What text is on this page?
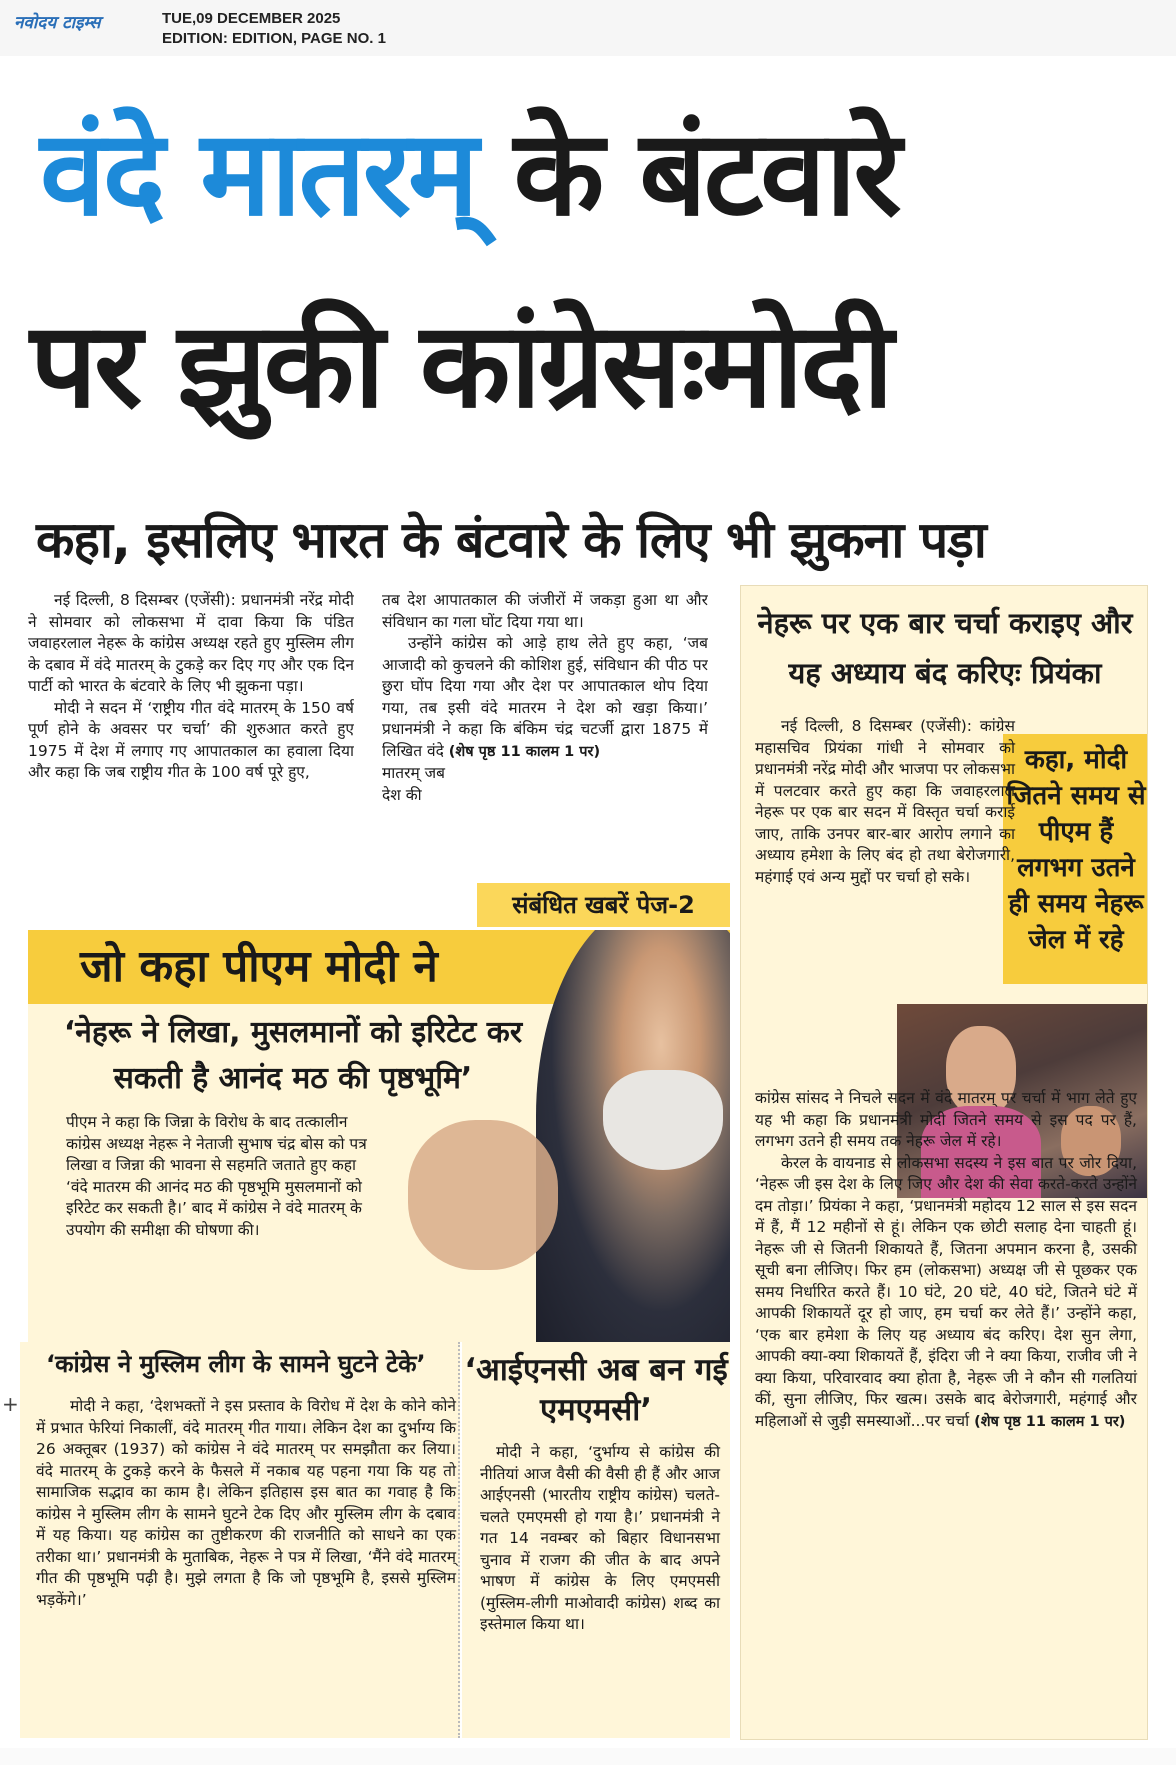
नवोदय टाइम्स	TUE,09 DECEMBER 2025
EDITION: EDITION, PAGE NO. 1
वंदे मातरम् के बंटवारे
पर झुकी कांग्रेसःमोदी
कहा, इसलिए भारत के बंटवारे के लिए भी झुकना पड़ा

नई दिल्ली, 8 दिसम्बर (एजेंसी): प्रधानमंत्री नरेंद्र मोदी ने सोमवार को लोकसभा में दावा किया कि पंडित जवाहरलाल नेहरू के कांग्रेस अध्यक्ष रहते हुए मुस्लिम लीग के दबाव में वंदे मातरम् के टुकड़े कर दिए गए और एक दिन पार्टी को भारत के बंटवारे के लिए भी झुकना पड़ा।

मोदी ने सदन में ‘राष्ट्रीय गीत वंदे मातरम् के 150 वर्ष पूर्ण होने के अवसर पर चर्चा’ की शुरुआत करते हुए 1975 में देश में लगाए गए आपातकाल का हवाला दिया और कहा कि जब राष्ट्रीय गीत के 100 वर्ष पूरे हुए,

तब देश आपातकाल की जंजीरों में जकड़ा हुआ था और संविधान का गला घोंट दिया गया था।

उन्होंने कांग्रेस को आड़े हाथ लेते हुए कहा, ‘जब आजादी को कुचलने की कोशिश हुई, संविधान की पीठ पर छुरा घोंप दिया गया और देश पर आपातकाल थोप दिया गया, तब इसी वंदे मातरम ने देश को खड़ा किया।’ प्रधानमंत्री ने कहा कि बंकिम चंद्र चटर्जी द्वारा 1875 में लिखित वंदे (शेष पृष्ठ 11 कालम 1 पर)

मातरम् जब देश की

संबंधित खबरें पेज-2
जो कहा पीएम मोदी ने
‘नेहरू ने लिखा, मुसलमानों को इरिटेट कर सकती है आनंद मठ की पृष्ठभूमि’
पीएम ने कहा कि जिन्ना के विरोध के बाद तत्कालीन कांग्रेस अध्यक्ष नेहरू ने नेताजी सुभाष चंद्र बोस को पत्र लिखा व जिन्ना की भावना से सहमति जताते हुए कहा ‘वंदे मातरम की आनंद मठ की पृष्ठभूमि मुसलमानों को इरिटेट कर सकती है।’ बाद में कांग्रेस ने वंदे मातरम् के उपयोग की समीक्षा की घोषणा की।
‘कांग्रेस ने मुस्लिम लीग के सामने घुटने टेके’

मोदी ने कहा, ‘देशभक्तों ने इस प्रस्ताव के विरोध में देश के कोने कोने में प्रभात फेरियां निकालीं, वंदे मातरम् गीत गाया। लेकिन देश का दुर्भाग्य कि 26 अक्तूबर (1937) को कांग्रेस ने वंदे मातरम् पर समझौता कर लिया। वंदे मातरम् के टुकड़े करने के फैसले में नकाब यह पहना गया कि यह तो सामाजिक सद्भाव का काम है। लेकिन इतिहास इस बात का गवाह है कि कांग्रेस ने मुस्लिम लीग के सामने घुटने टेक दिए और मुस्लिम लीग के दबाव में यह किया। यह कांग्रेस का तुष्टीकरण की राजनीति को साधने का एक तरीका था।’ प्रधानमंत्री के मुताबिक, नेहरू ने पत्र में लिखा, ‘मैंने वंदे मातरम् गीत की पृष्ठभूमि पढ़ी है। मुझे लगता है कि जो पृष्ठभूमि है, इससे मुस्लिम भड़केंगे।’

‘आईएनसी अब बन गई एमएमसी’

मोदी ने कहा, ‘दुर्भाग्य से कांग्रेस की नीतियां आज वैसी की वैसी ही हैं और आज आईएनसी (भारतीय राष्ट्रीय कांग्रेस) चलते-चलते एमएमसी हो गया है।’ प्रधानमंत्री ने गत 14 नवम्बर को बिहार विधानसभा चुनाव में राजग की जीत के बाद अपने भाषण में कांग्रेस के लिए एमएमसी (मुस्लिम-लीगी माओवादी कांग्रेस) शब्द का इस्तेमाल किया था।

नेहरू पर एक बार चर्चा कराइए और यह अध्याय बंद करिएः प्रियंका
कहा, मोदी जितने समय से पीएम हैं लगभग उतने ही समय नेहरू जेल में रहे

नई दिल्ली, 8 दिसम्बर (एजेंसी): कांग्रेस महासचिव प्रियंका गांधी ने सोमवार को प्रधानमंत्री नरेंद्र मोदी और भाजपा पर लोकसभा में पलटवार करते हुए कहा कि जवाहरलाल नेहरू पर एक बार सदन में विस्तृत चर्चा कराई जाए, ताकि उनपर बार-बार आरोप लगाने का अध्याय हमेशा के लिए बंद हो तथा बेरोजगारी, महंगाई एवं अन्य मुद्दों पर चर्चा हो सके।

कांग्रेस सांसद ने निचले सदन में वंदे मातरम् पर चर्चा में भाग लेते हुए यह भी कहा कि प्रधानमंत्री मोदी जितने समय से इस पद पर हैं, लगभग उतने ही समय तक नेहरू जेल में रहे।

केरल के वायनाड से लोकसभा सदस्य ने इस बात पर जोर दिया, ‘नेहरू जी इस देश के लिए जिए और देश की सेवा करते-करते उन्होंने दम तोड़ा।’ प्रियंका ने कहा, ‘प्रधानमंत्री महोदय 12 साल से इस सदन में हैं, मैं 12 महीनों से हूं। लेकिन एक छोटी सलाह देना चाहती हूं। नेहरू जी से जितनी शिकायते हैं, जितना अपमान करना है, उसकी सूची बना लीजिए। फिर हम (लोकसभा) अध्यक्ष जी से पूछकर एक समय निर्धारित करते हैं। 10 घंटे, 20 घंटे, 40 घंटे, जितने घंटे में आपकी शिकायतें दूर हो जाए, हम चर्चा कर लेते हैं।’ उन्होंने कहा, ‘एक बार हमेशा के लिए यह अध्याय बंद करिए। देश सुन लेगा, आपकी क्या-क्या शिकायतें हैं, इंदिरा जी ने क्या किया, राजीव जी ने क्या किया, परिवारवाद क्या होता है, नेहरू जी ने कौन सी गलतियां कीं, सुना लीजिए, फिर खत्म। उसके बाद बेरोजगारी, महंगाई और महिलाओं से जुड़ी समस्याओं...पर चर्चा (शेष पृष्ठ 11 कालम 1 पर)

+
